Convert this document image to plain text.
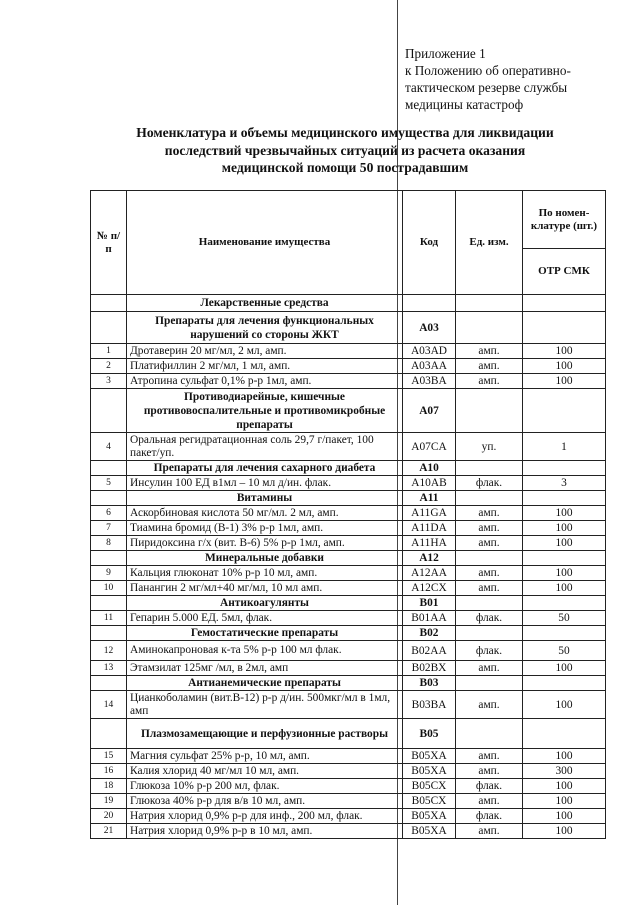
Приложение 1
к Положению об оперативно-
тактическом резерве службы
медицины катастроф
Номенклатура и объемы медицинского имущества для ликвидации
последствий чрезвычайных ситуаций из расчета оказания
медицинской помощи 50 пострадавшим
№ п/п	Наименование имущества	Код	Ед. изм.	По номен-клатуре (шт.)
				ОТР СМК
	Лекарственные средства			
	Препараты для лечения функциональных нарушений со стороны ЖКТ	A03		
1	Дротаверин 20 мг/мл, 2 мл, амп.	A03AD	амп.	100
2	Платифиллин 2 мг/мл, 1 мл, амп.	A03AA	амп.	100
3	Атропина сульфат 0,1% р-р 1мл, амп.	A03BA	амп.	100
	Противодиарейные, кишечные противовоспалительные и противомикробные препараты	A07		
4	Оральная регидратационная соль 29,7 г/пакет, 100 пакет/уп.	A07CA	уп.	1
	Препараты для лечения сахарного диабета	A10		
5	Инсулин 100 ЕД в1мл – 10 мл д/ин. флак.	A10AB	флак.	3
	Витамины	A11		
6	Аскорбиновая кислота 50 мг/мл. 2 мл, амп.	A11GA	амп.	100
7	Тиамина бромид (В-1) 3% р-р 1мл, амп.	A11DA	амп.	100
8	Пиридоксина г/х (вит. В-6) 5% р-р 1мл, амп.	A11HA	амп.	100
	Минеральные добавки	A12		
9	Кальция глюконат 10% р-р 10 мл, амп.	A12AA	амп.	100
10	Панангин 2 мг/мл+40 мг/мл, 10 мл амп.	A12CX	амп.	100
	Антикоагулянты	B01		
11	Гепарин 5.000 ЕД. 5мл, флак.	B01AA	флак.	50
	Гемостатические препараты	B02		
12	Аминокапроновая к-та 5% р-р 100 мл флак.	B02AA	флак.	50
13	Этамзилат 125мг /мл, в 2мл, амп	B02BX	амп.	100
	Антианемические препараты	B03		
14	Цианкоболамин (вит.В-12) р-р д/ин. 500мкг/мл в 1мл, амп	B03BA	амп.	100
	Плазмозамещающие и перфузионные растворы	B05		
15	Магния сульфат 25% р-р, 10 мл, амп.	B05XA	амп.	100
16	Калия хлорид 40 мг/мл 10 мл, амп.	B05XA	амп.	300
18	Глюкоза 10% р-р 200 мл, флак.	B05CX	флак.	100
19	Глюкоза 40% р-р для в/в 10 мл, амп.	B05CX	амп.	100
20	Натрия хлорид 0,9% р-р для инф., 200 мл, флак.	B05XA	флак.	100
21	Натрия хлорид 0,9% р-р в 10 мл, амп.	B05XA	амп.	100
